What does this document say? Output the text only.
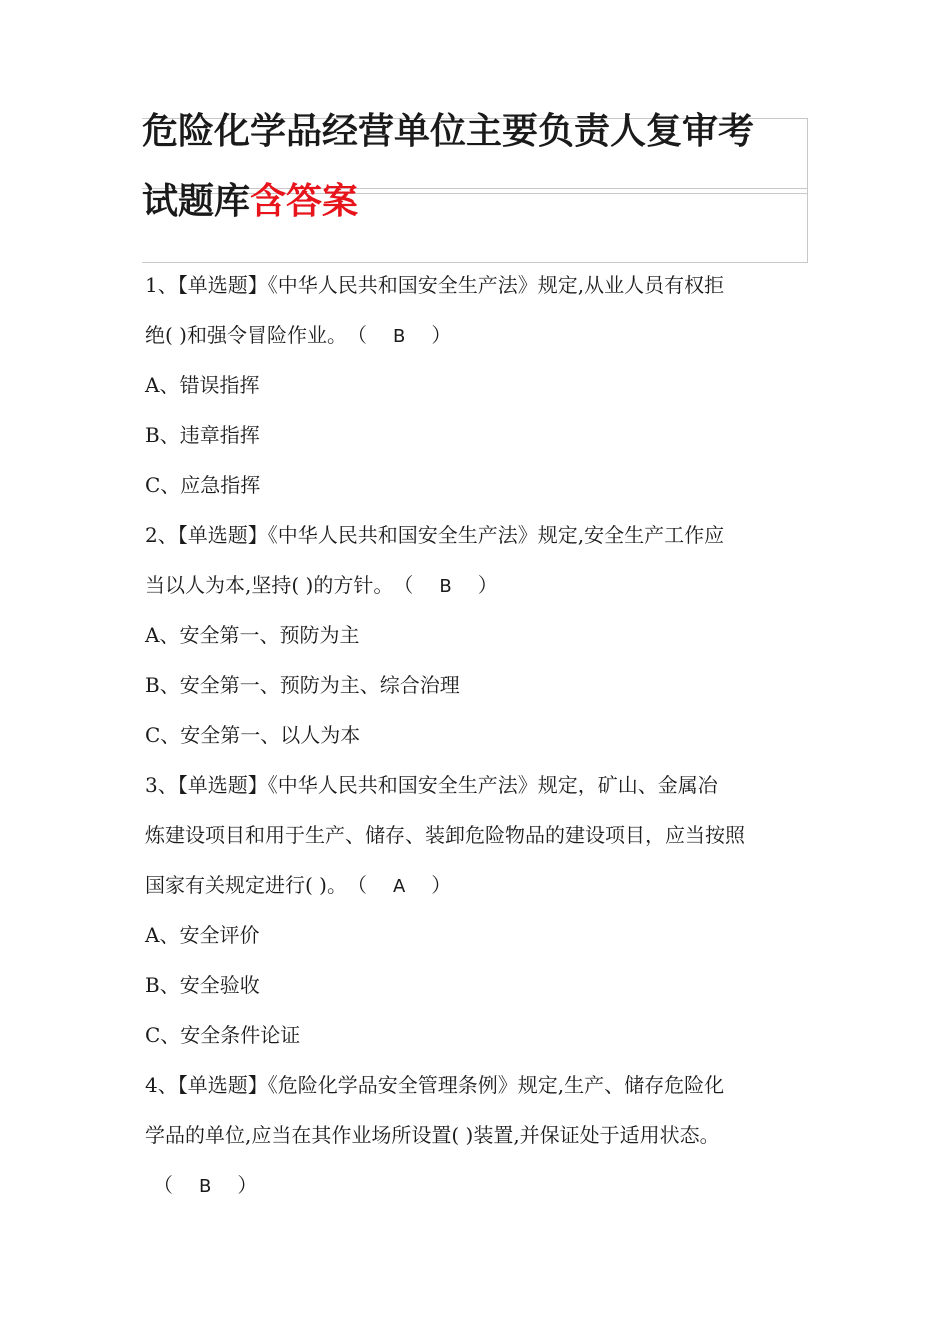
危险化学品经营单位主要负责人复审考
试题库含答案
1、【单选题】《中华人民共和国安全生产法》规定,从业人员有权拒
绝( )和强令冒险作业。（ B ）
A、错误指挥
B、违章指挥
C、应急指挥
2、【单选题】《中华人民共和国安全生产法》规定,安全生产工作应
当以人为本,坚持( )的方针。（ B ）
A、安全第一、预防为主
B、安全第一、预防为主、综合治理
C、安全第一、以人为本
3、【单选题】《中华人民共和国安全生产法》规定，矿山、金属冶
炼建设项目和用于生产、储存、装卸危险物品的建设项目，应当按照
国家有关规定进行( )。（ A ）
A、安全评价
B、安全验收
C、安全条件论证
4、【单选题】《危险化学品安全管理条例》规定,生产、储存危险化
学品的单位,应当在其作业场所设置( )装置,并保证处于适用状态。
（ B ）
